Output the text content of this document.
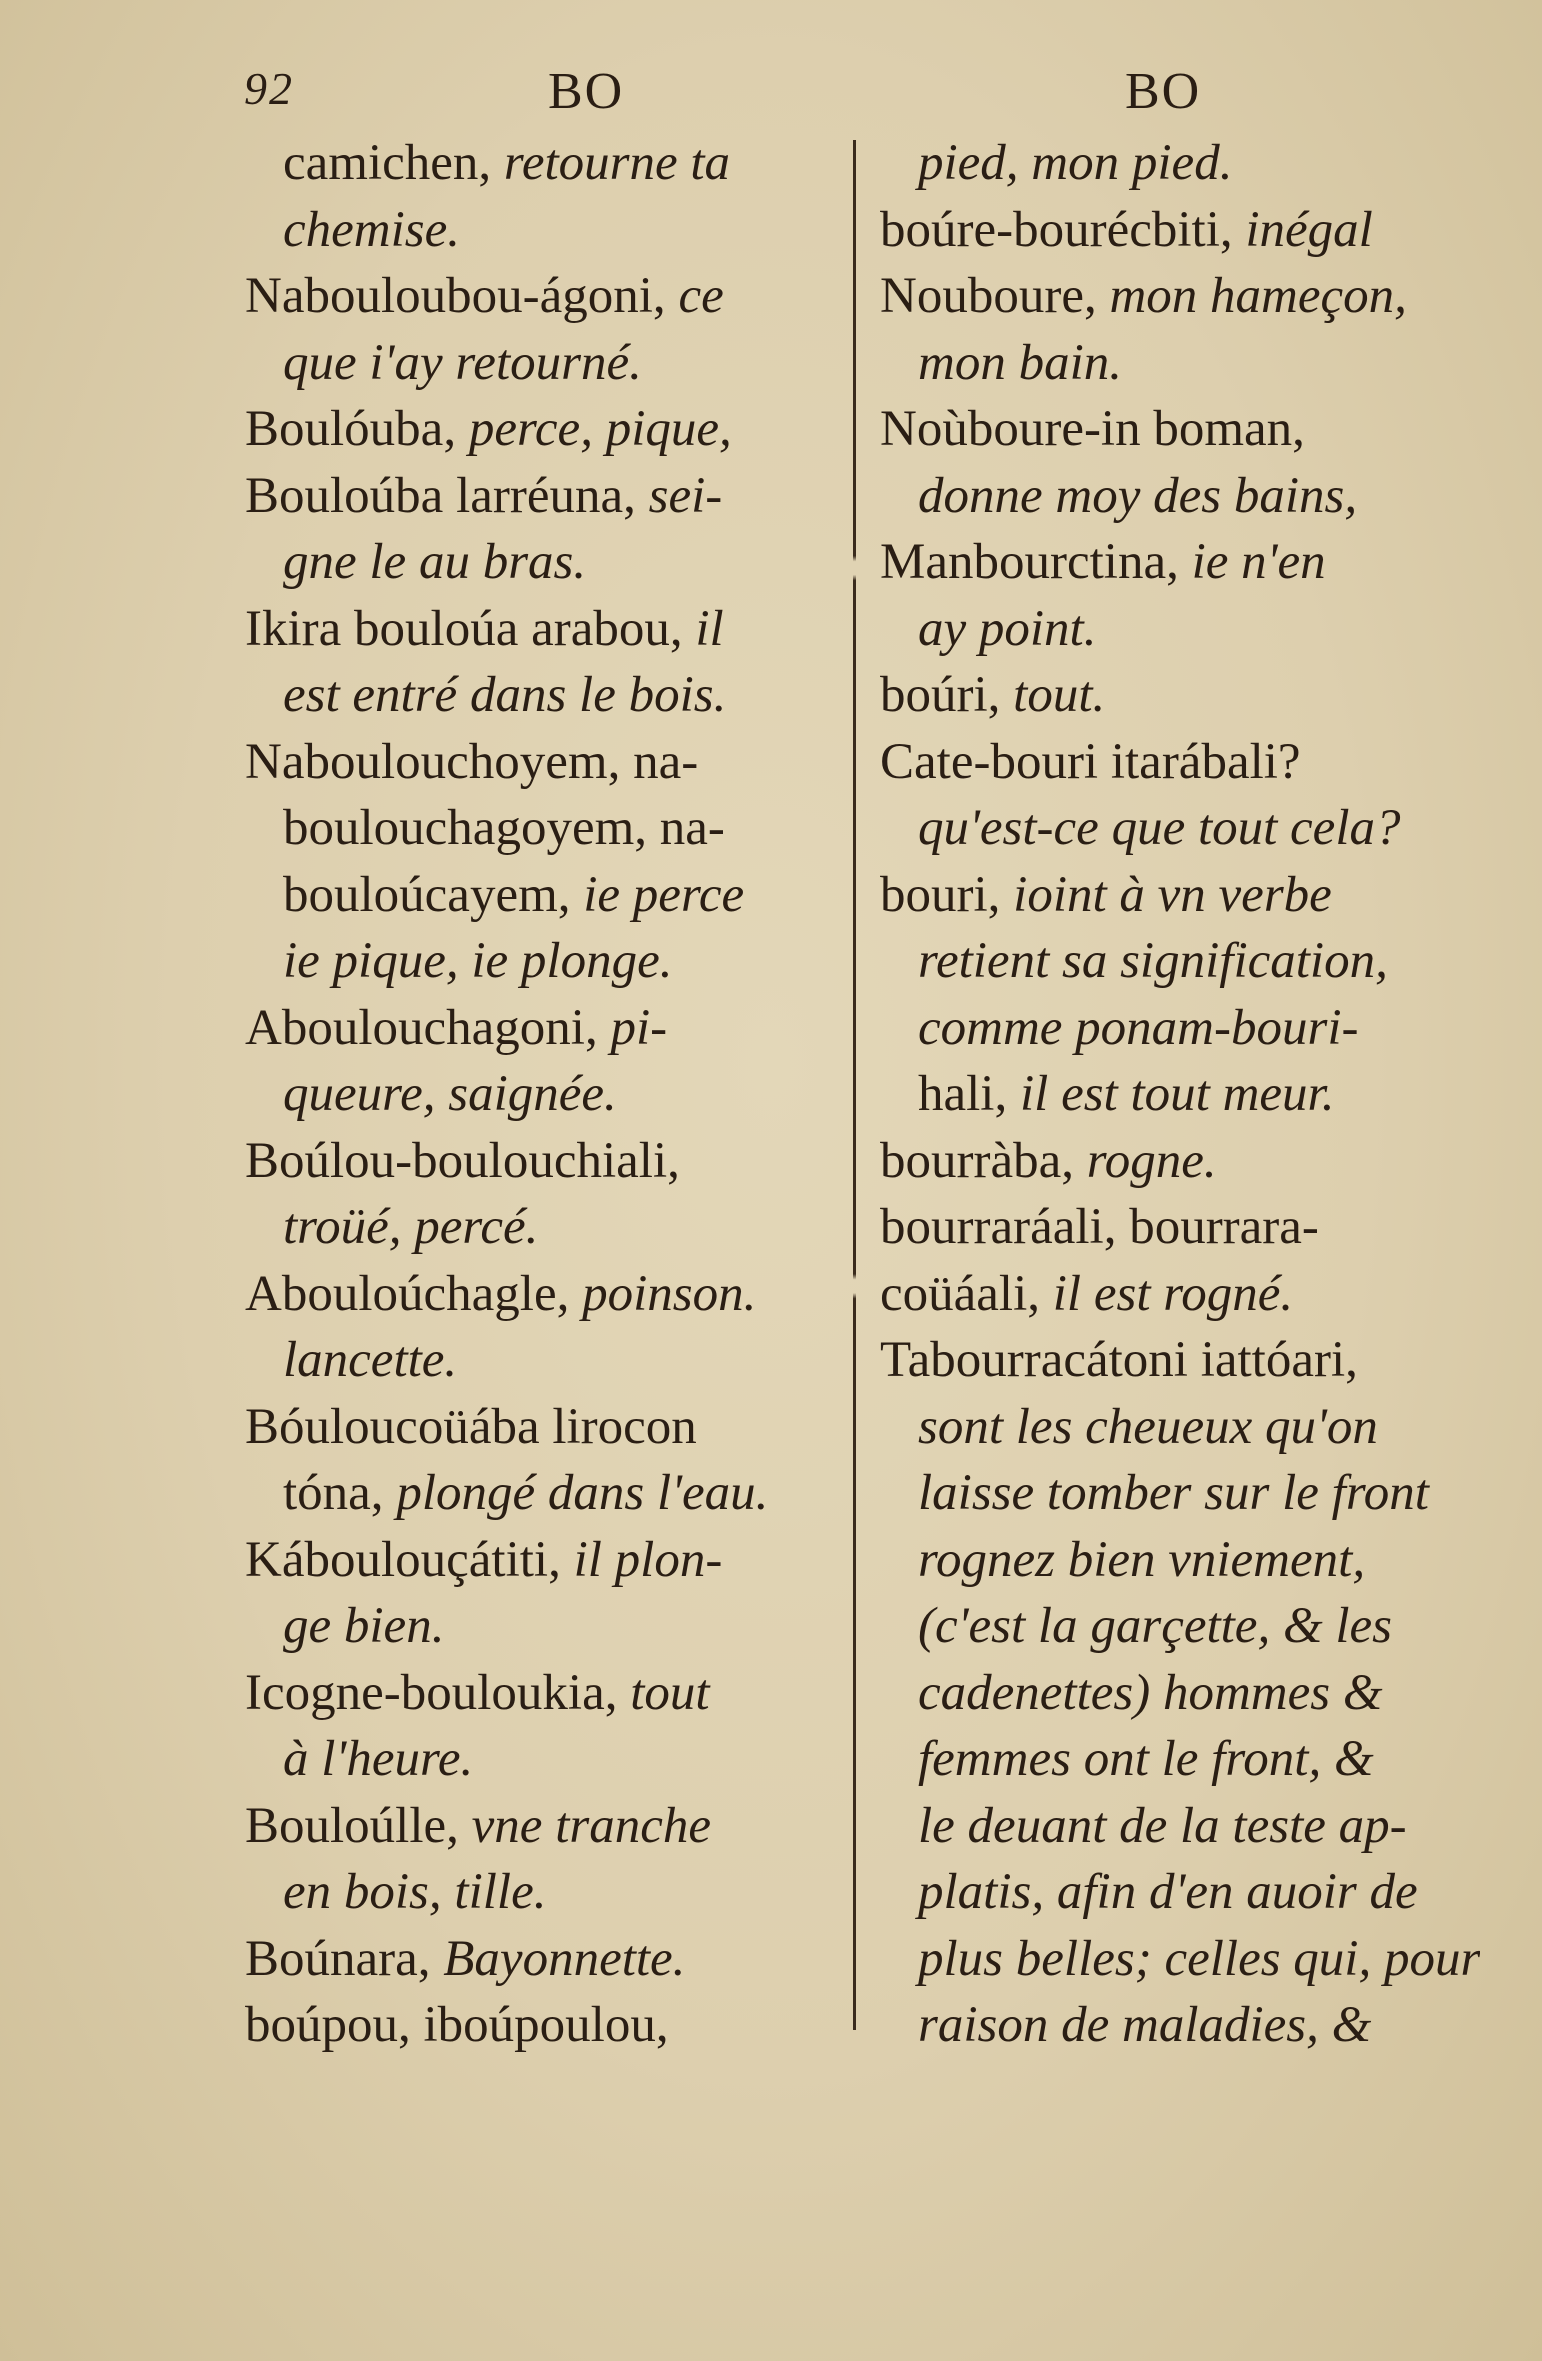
92	BO	BO
camichen, retourne ta
chemise.
Nabouloubou-ágoni, ce
que i'ay retourné.
Boulóuba, perce, pique,
Bouloúba larréuna, sei-
gne le au bras.
Ikira bouloúa arabou, il
est entré dans le bois.
Naboulouchoyem, na-
boulouchagoyem, na-
bouloúcayem, ie perce
ie pique, ie plonge.
Aboulouchagoni, pi-
queure, saignée.
Boúlou-boulouchiali,
troüé, percé.
Abouloúchagle, poinson.
lancette.
Bóuloucoüába lirocon
tóna, plongé dans l'eau.
Káboulouçátiti, il plon-
ge bien.
Icogne-bouloukia, tout
à l'heure.
Bouloúlle, vne tranche
en bois, tille.
Boúnara, Bayonnette.
boúpou, iboúpoulou,
pied, mon pied.
boúre-bourécbiti, inégal
Nouboure, mon hameçon,
mon bain.
Noùboure-in boman,
donne moy des bains,
Manbourctina, ie n'en
ay point.
boúri, tout.
Cate-bouri itarábali?
qu'est-ce que tout cela?
bouri, ioint à vn verbe
retient sa signification,
comme ponam-bouri-
hali, il est tout meur.
bourràba, rogne.
bourraráali, bourrara-
coüáali, il est rogné.
Tabourracátoni iattóari,
sont les cheueux qu'on
laisse tomber sur le front
rognez bien vniement,
(c'est la garçette, & les
cadenettes) hommes &
femmes ont le front, &
le deuant de la teste ap-
platis, afin d'en auoir de
plus belles; celles qui, pour
raison de maladies, &
